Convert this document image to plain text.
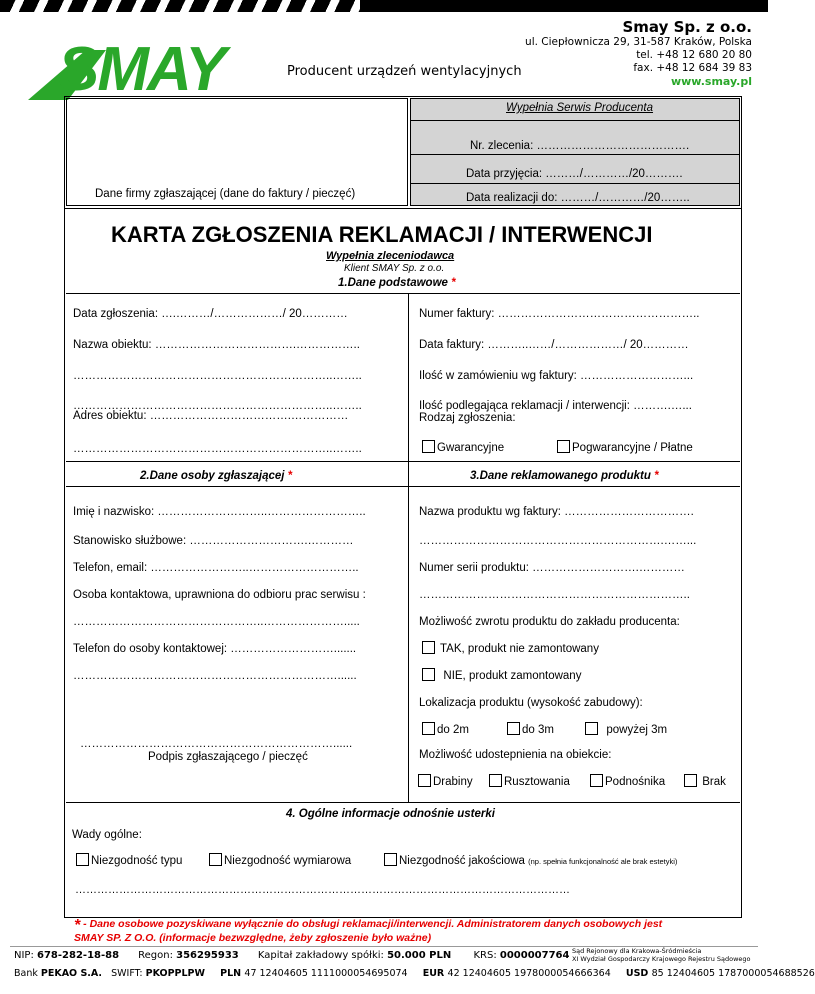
SMAY	Producent urządzeń wentylacyjnych
Smay Sp. z o.o.
ul. Ciepłownicza 29, 31-587 Kraków, Polska
tel. +48 12 680 20 80
fax. +48 12 684 39 83
www.smay.pl
Dane firmy zgłaszającej (dane do faktury / pieczęć)
Wypełnia Serwis Producenta
Nr. zlecenia: ………………………………….
Data przyjęcia: ………/…………/20……….
Data realizacji do: ………/…………/20……..
KARTA ZGŁOSZENIA REKLAMACJI / INTERWENCJI
Wypełnia zleceniodawca
Klient SMAY Sp. z o.o.
1.Dane podstawowe *
Data zgłoszenia: ….………/………………/ 20…………
Nazwa obiektu: ……………………………….……………..
…………………………………………………………..……..
…………………………………………………………..……..
Adres obiektu: ……………………………….……………
…………………………………………………………..……..
Numer faktury: ……………………………………………..
Data faktury: ………..……/………………/ 20…………
Ilość w zamówieniu wg faktury: ………………………...
Ilość podlegająca reklamacji / interwencji: ……….…...
Rodzaj zgłoszenia:
Gwarancyjne	Pogwarancyjne / Płatne
2.Dane osoby zgłaszającej *	3.Dane reklamowanego produktu *
Imię i nazwisko: ………………………..……………………..
Stanowisko służbowe: ………………………….…………
Telefon, email: ……………………..………………………..
Osoba kontaktowa, uprawniona do odbioru prac serwisu :
…………………………………………..………………….....
Telefon do osoby kontaktowej: ……………………….......
……………………………………………………………......
…………………………………………………………......
Podpis zgłaszającego / pieczęć
Nazwa produktu wg faktury: …………………………….
……………………………………………………….……...
Numer serii produktu: ……………………….…………
……………………………………………………………..
Możliwość zwrotu produktu do zakładu producenta:
TAK, produkt nie zamontowany
NIE, produkt zamontowany
Lokalizacja produktu (wysokość zabudowy):
do 2m	do 3m	powyżej 3m
Możliwość udostepnienia na obiekcie:
Drabiny	Rusztowania	Podnośnika	Brak
4. Ogólne informacje odnośnie usterki
Wady ogólne:
Niezgodność typu	Niezgodność wymiarowa	Niezgodność jakościowa (np. spełnia funkcjonalność ale brak estetyki)
………………………………………………………………………………………………………………………
* - Dane osobowe pozyskiwane wyłącznie do obsługi reklamacji/interwencji. Administratorem danych osobowych jest
SMAY SP. Z O.O. (informacje bezwzględne, żeby zgłoszenie było ważne)
NIP: 678-282-18-88 Regon: 356295933 Kapitał zakładowy spółki: 50.000 PLN KRS: 0000007764 Sąd Rejonowy dla Krakowa-Śródmieścia
XI Wydział Gospodarczy Krajowego Rejestru Sądowego
Bank PEKAO S.A. SWIFT: PKOPPLPW PLN 47 12404605 1111000054695074 EUR 42 12404605 1978000054666364 USD 85 12404605 1787000054688526
